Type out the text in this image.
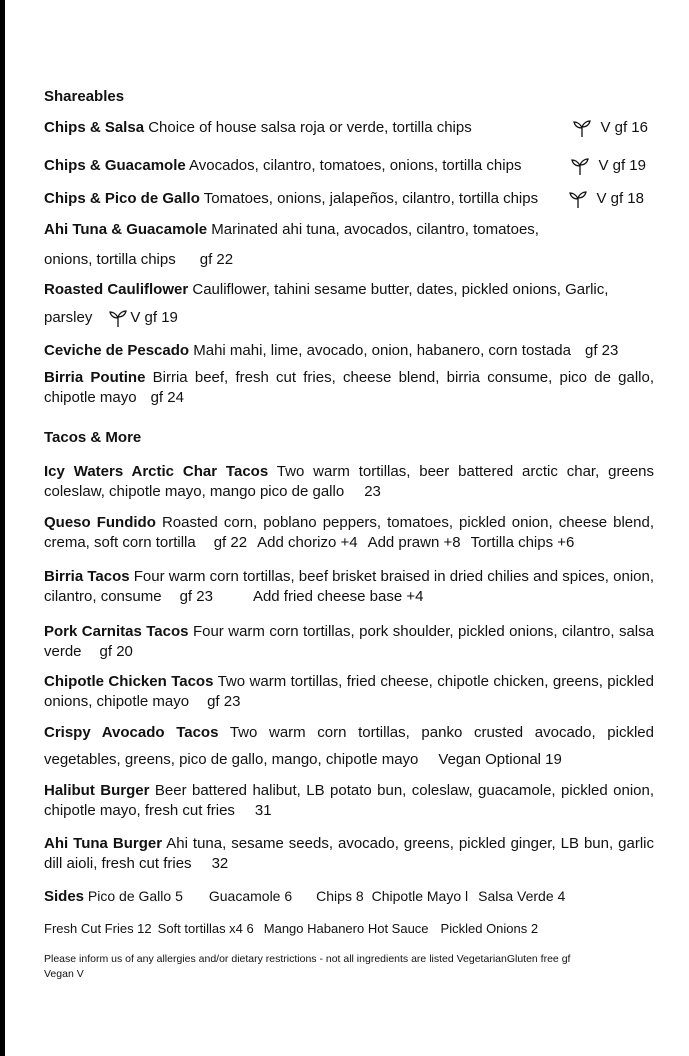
Shareables
Chips & Salsa Choice of house salsa roja or verde, tortilla chips	V gf 16
Chips & Guacamole Avocados, cilantro, tomatoes, onions, tortilla chips	V gf 19
Chips & Pico de Gallo Tomatoes, onions, jalapeños, cilantro, tortilla chips	V gf 18
Ahi Tuna & Guacamole Marinated ahi tuna, avocados, cilantro, tomatoes,
onions, tortilla chips gf 22
Roasted Cauliflower Cauliflower, tahini sesame butter, dates, pickled onions, Garlic,
parsley	V gf 19
Ceviche de Pescado Mahi mahi, lime, avocado, onion, habanero, corn tostada gf 23
Birria Poutine Birria beef, fresh cut fries, cheese blend, birria consume, pico de gallo, chipotle mayo gf 24
Tacos & More
Icy Waters Arctic Char Tacos Two warm tortillas, beer battered arctic char, greens coleslaw, chipotle mayo, mango pico de gallo 23
Queso Fundido Roasted corn, poblano peppers, tomatoes, pickled onion, cheese blend, crema, soft corn tortilla gf 22 Add chorizo +4 Add prawn +8 Tortilla chips +6
Birria Tacos Four warm corn tortillas, beef brisket braised in dried chilies and spices, onion, cilantro, consume gf 23	Add fried cheese base +4
Pork Carnitas Tacos Four warm corn tortillas, pork shoulder, pickled onions, cilantro, salsa verde gf 20
Chipotle Chicken Tacos Two warm tortillas, fried cheese, chipotle chicken, greens, pickled onions, chipotle mayo gf 23
Crispy Avocado Tacos Two warm corn tortillas, panko crusted avocado, pickled
vegetables, greens, pico de gallo, mango, chipotle mayo Vegan Optional 19
Halibut Burger Beer battered halibut, LB potato bun, coleslaw, guacamole, pickled onion, chipotle mayo, fresh cut fries 31
Ahi Tuna Burger Ahi tuna, sesame seeds, avocado, greens, pickled ginger, LB bun, garlic dill aioli, fresh cut fries 32
Sides Pico de Gallo 5 Guacamole 6 Chips 8 Chipotle Mayo l Salsa Verde 4
Fresh Cut Fries 12 Soft tortillas x4 6 Mango Habanero Hot Sauce Pickled Onions 2
Please inform us of any allergies and/or dietary restrictions - not all ingredients are listed VegetarianGluten free gf
Vegan V
